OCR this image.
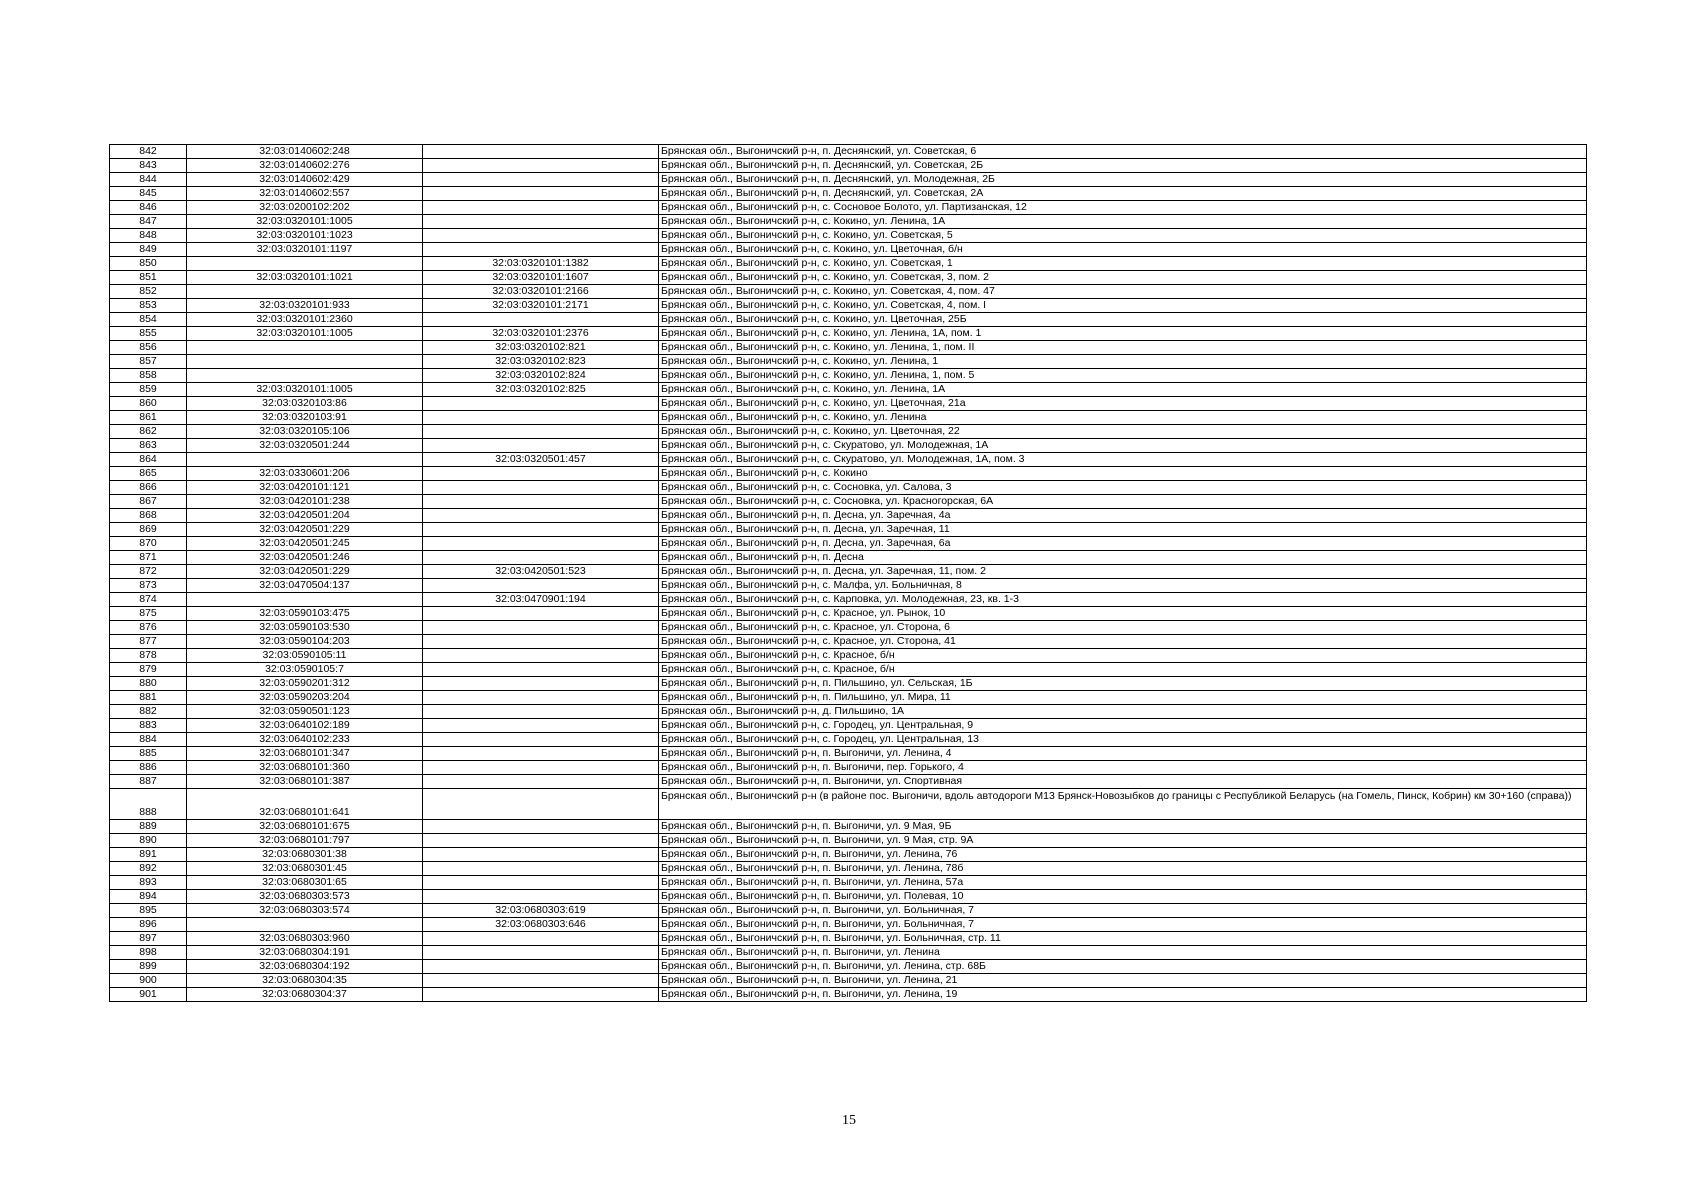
842	32:03:0140602:248		Брянская обл., Выгоничский р-н, п. Деснянский, ул. Советская, 6
843	32:03:0140602:276		Брянская обл., Выгоничский р-н, п. Деснянский, ул. Советская, 2Б
844	32:03:0140602:429		Брянская обл., Выгоничский р-н, п. Деснянский, ул. Молодежная, 2Б
845	32:03:0140602:557		Брянская обл., Выгоничский р-н, п. Деснянский, ул. Советская, 2А
846	32:03:0200102:202		Брянская обл., Выгоничский р-н, с. Сосновое Болото, ул. Партизанская, 12
847	32:03:0320101:1005		Брянская обл., Выгоничский р-н, с. Кокино, ул. Ленина, 1А
848	32:03:0320101:1023		Брянская обл., Выгоничский р-н, с. Кокино, ул. Советская, 5
849	32:03:0320101:1197		Брянская обл., Выгоничский р-н, с. Кокино, ул. Цветочная, б/н
850		32:03:0320101:1382	Брянская обл., Выгоничский р-н, с. Кокино, ул. Советская, 1
851	32:03:0320101:1021	32:03:0320101:1607	Брянская обл., Выгоничский р-н, с. Кокино, ул. Советская, 3, пом. 2
852		32:03:0320101:2166	Брянская обл., Выгоничский р-н, с. Кокино, ул. Советская, 4, пом. 47
853	32:03:0320101:933	32:03:0320101:2171	Брянская обл., Выгоничский р-н, с. Кокино, ул. Советская, 4, пом. I
854	32:03:0320101:2360		Брянская обл., Выгоничский р-н, с. Кокино, ул. Цветочная, 25Б
855	32:03:0320101:1005	32:03:0320101:2376	Брянская обл., Выгоничский р-н, с. Кокино, ул. Ленина, 1А, пом. 1
856		32:03:0320102:821	Брянская обл., Выгоничский р-н, с. Кокино, ул. Ленина, 1, пом. II
857		32:03:0320102:823	Брянская обл., Выгоничский р-н, с. Кокино, ул. Ленина, 1
858		32:03:0320102:824	Брянская обл., Выгоничский р-н, с. Кокино, ул. Ленина, 1, пом. 5
859	32:03:0320101:1005	32:03:0320102:825	Брянская обл., Выгоничский р-н, с. Кокино, ул. Ленина, 1А
860	32:03:0320103:86		Брянская обл., Выгоничский р-н, с. Кокино, ул. Цветочная, 21а
861	32:03:0320103:91		Брянская обл., Выгоничский р-н, с. Кокино, ул. Ленина
862	32:03:0320105:106		Брянская обл., Выгоничский р-н, с. Кокино, ул. Цветочная, 22
863	32:03:0320501:244		Брянская обл., Выгоничский р-н, с. Скуратово, ул. Молодежная, 1А
864		32:03:0320501:457	Брянская обл., Выгоничский р-н, с. Скуратово, ул. Молодежная, 1А, пом. 3
865	32:03:0330601:206		Брянская обл., Выгоничский р-н, с. Кокино
866	32:03:0420101:121		Брянская обл., Выгоничский р-н, с. Сосновка, ул. Салова, 3
867	32:03:0420101:238		Брянская обл., Выгоничский р-н, с. Сосновка, ул. Красногорская, 6А
868	32:03:0420501:204		Брянская обл., Выгоничский р-н, п. Десна, ул. Заречная, 4а
869	32:03:0420501:229		Брянская обл., Выгоничский р-н, п. Десна, ул. Заречная, 11
870	32:03:0420501:245		Брянская обл., Выгоничский р-н, п. Десна, ул. Заречная, 6а
871	32:03:0420501:246		Брянская обл., Выгоничский р-н, п. Десна
872	32:03:0420501:229	32:03:0420501:523	Брянская обл., Выгоничский р-н, п. Десна, ул. Заречная, 11, пом. 2
873	32:03:0470504:137		Брянская обл., Выгоничский р-н, с. Малфа, ул. Больничная, 8
874		32:03:0470901:194	Брянская обл., Выгоничский р-н, с. Карповка, ул. Молодежная, 23, кв. 1-3
875	32:03:0590103:475		Брянская обл., Выгоничский р-н, с. Красное, ул. Рынок, 10
876	32:03:0590103:530		Брянская обл., Выгоничский р-н, с. Красное, ул. Сторона, 6
877	32:03:0590104:203		Брянская обл., Выгоничский р-н, с. Красное, ул. Сторона, 41
878	32:03:0590105:11		Брянская обл., Выгоничский р-н, с. Красное, б/н
879	32:03:0590105:7		Брянская обл., Выгоничский р-н, с. Красное, б/н
880	32:03:0590201:312		Брянская обл., Выгоничский р-н, п. Пильшино, ул. Сельская, 1Б
881	32:03:0590203:204		Брянская обл., Выгоничский р-н, п. Пильшино, ул. Мира, 11
882	32:03:0590501:123		Брянская обл., Выгоничский р-н, д. Пильшино, 1А
883	32:03:0640102:189		Брянская обл., Выгоничский р-н, с. Городец, ул. Центральная, 9
884	32:03:0640102:233		Брянская обл., Выгоничский р-н, с. Городец, ул. Центральная, 13
885	32:03:0680101:347		Брянская обл., Выгоничский р-н, п. Выгоничи, ул. Ленина, 4
886	32:03:0680101:360		Брянская обл., Выгоничский р-н, п. Выгоничи, пер. Горького, 4
887	32:03:0680101:387		Брянская обл., Выгоничский р-н, п. Выгоничи, ул. Спортивная
888	32:03:0680101:641		Брянская обл., Выгоничский р-н (в районе пос. Выгоничи, вдоль автодороги М13 Брянск-Новозыбков до границы с Республикой Беларусь (на Гомель, Пинск, Кобрин) км 30+160 (справа))
889	32:03:0680101:675		Брянская обл., Выгоничский р-н, п. Выгоничи, ул. 9 Мая, 9Б
890	32:03:0680101:797		Брянская обл., Выгоничский р-н, п. Выгоничи, ул. 9 Мая, стр. 9А
891	32:03:0680301:38		Брянская обл., Выгоничский р-н, п. Выгоничи, ул. Ленина, 76
892	32:03:0680301:45		Брянская обл., Выгоничский р-н, п. Выгоничи, ул. Ленина, 78б
893	32:03:0680301:65		Брянская обл., Выгоничский р-н, п. Выгоничи, ул. Ленина, 57а
894	32:03:0680303:573		Брянская обл., Выгоничский р-н, п. Выгоничи, ул. Полевая, 10
895	32:03:0680303:574	32:03:0680303:619	Брянская обл., Выгоничский р-н, п. Выгоничи, ул. Больничная, 7
896		32:03:0680303:646	Брянская обл., Выгоничский р-н, п. Выгоничи, ул. Больничная, 7
897	32:03:0680303:960		Брянская обл., Выгоничский р-н, п. Выгоничи, ул. Больничная, стр. 11
898	32:03:0680304:191		Брянская обл., Выгоничский р-н, п. Выгоничи, ул. Ленина
899	32:03:0680304:192		Брянская обл., Выгоничский р-н, п. Выгоничи, ул. Ленина, стр. 68Б
900	32:03:0680304:35		Брянская обл., Выгоничский р-н, п. Выгоничи, ул. Ленина, 21
901	32:03:0680304:37		Брянская обл., Выгоничский р-н, п. Выгоничи, ул. Ленина, 19
15
